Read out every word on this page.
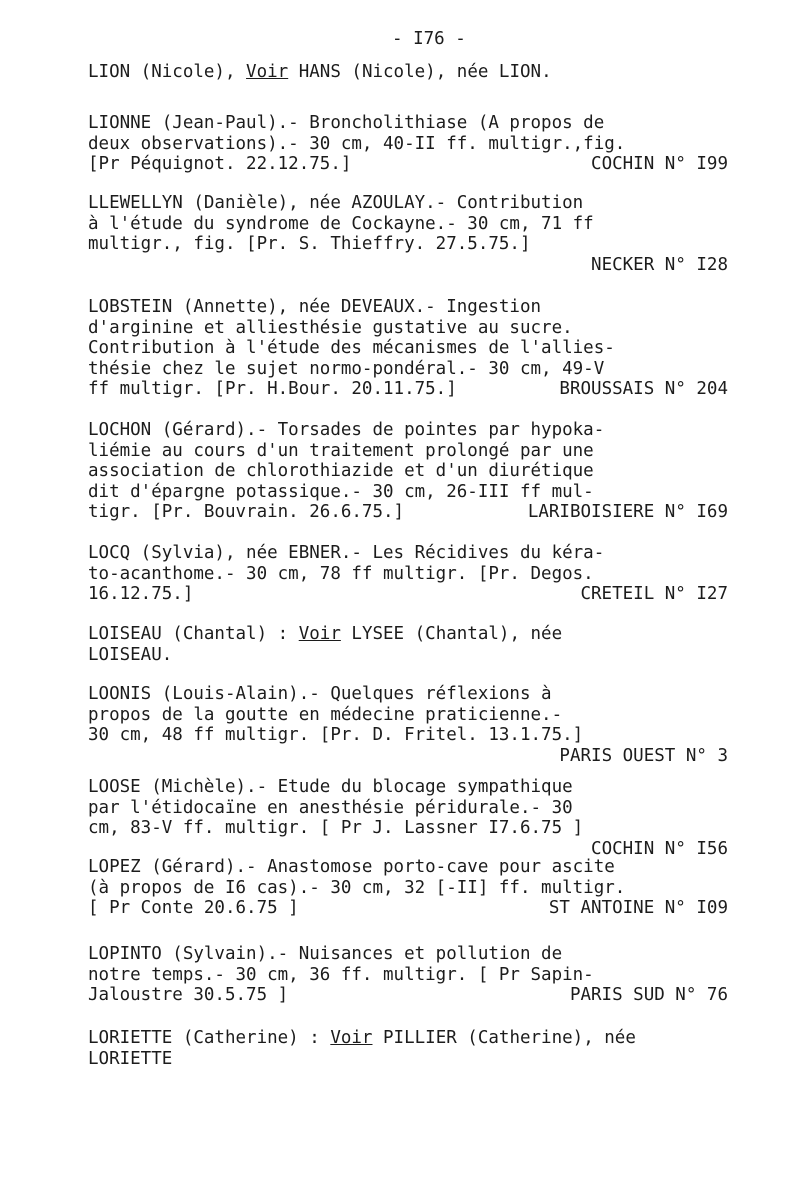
- I76 -
LION (Nicole), Voir HANS (Nicole), née LION.
LIONNE (Jean-Paul).- Broncholithiase (A propos de
deux observations).- 30 cm, 40-II ff. multigr.,fig.
[Pr Péquignot. 22.12.75.]	COCHIN N° I99
LLEWELLYN (Danièle), née AZOULAY.- Contribution
à l'étude du syndrome de Cockayne.- 30 cm, 71 ff
multigr., fig. [Pr. S. Thieffry. 27.5.75.]
NECKER N° I28
LOBSTEIN (Annette), née DEVEAUX.- Ingestion
d'arginine et alliesthésie gustative au sucre.
Contribution à l'étude des mécanismes de l'allies-
thésie chez le sujet normo-pondéral.- 30 cm, 49-V
ff multigr. [Pr. H.Bour. 20.11.75.]	BROUSSAIS N° 204
LOCHON (Gérard).- Torsades de pointes par hypoka-
liémie au cours d'un traitement prolongé par une
association de chlorothiazide et d'un diurétique
dit d'épargne potassique.- 30 cm, 26-III ff mul-
tigr. [Pr. Bouvrain. 26.6.75.]	LARIBOISIERE N° I69
LOCQ (Sylvia), née EBNER.- Les Récidives du kéra-
to-acanthome.- 30 cm, 78 ff multigr. [Pr. Degos.
16.12.75.]	CRETEIL N° I27
LOISEAU (Chantal) : Voir LYSEE (Chantal), née
LOISEAU.
LOONIS (Louis-Alain).- Quelques réflexions à
propos de la goutte en médecine praticienne.-
30 cm, 48 ff multigr. [Pr. D. Fritel. 13.1.75.]
PARIS OUEST N° 3
LOOSE (Michèle).- Etude du blocage sympathique
par l'étidocaïne en anesthésie péridurale.- 30
cm, 83-V ff. multigr. [ Pr J. Lassner I7.6.75 ]
COCHIN N° I56
LOPEZ (Gérard).- Anastomose porto-cave pour ascite
(à propos de I6 cas).- 30 cm, 32 [-II] ff. multigr.
[ Pr Conte 20.6.75 ]	ST ANTOINE N° I09
LOPINTO (Sylvain).- Nuisances et pollution de
notre temps.- 30 cm, 36 ff. multigr. [ Pr Sapin-
Jaloustre 30.5.75 ]	PARIS SUD N° 76
LORIETTE (Catherine) : Voir PILLIER (Catherine), née
LORIETTE
